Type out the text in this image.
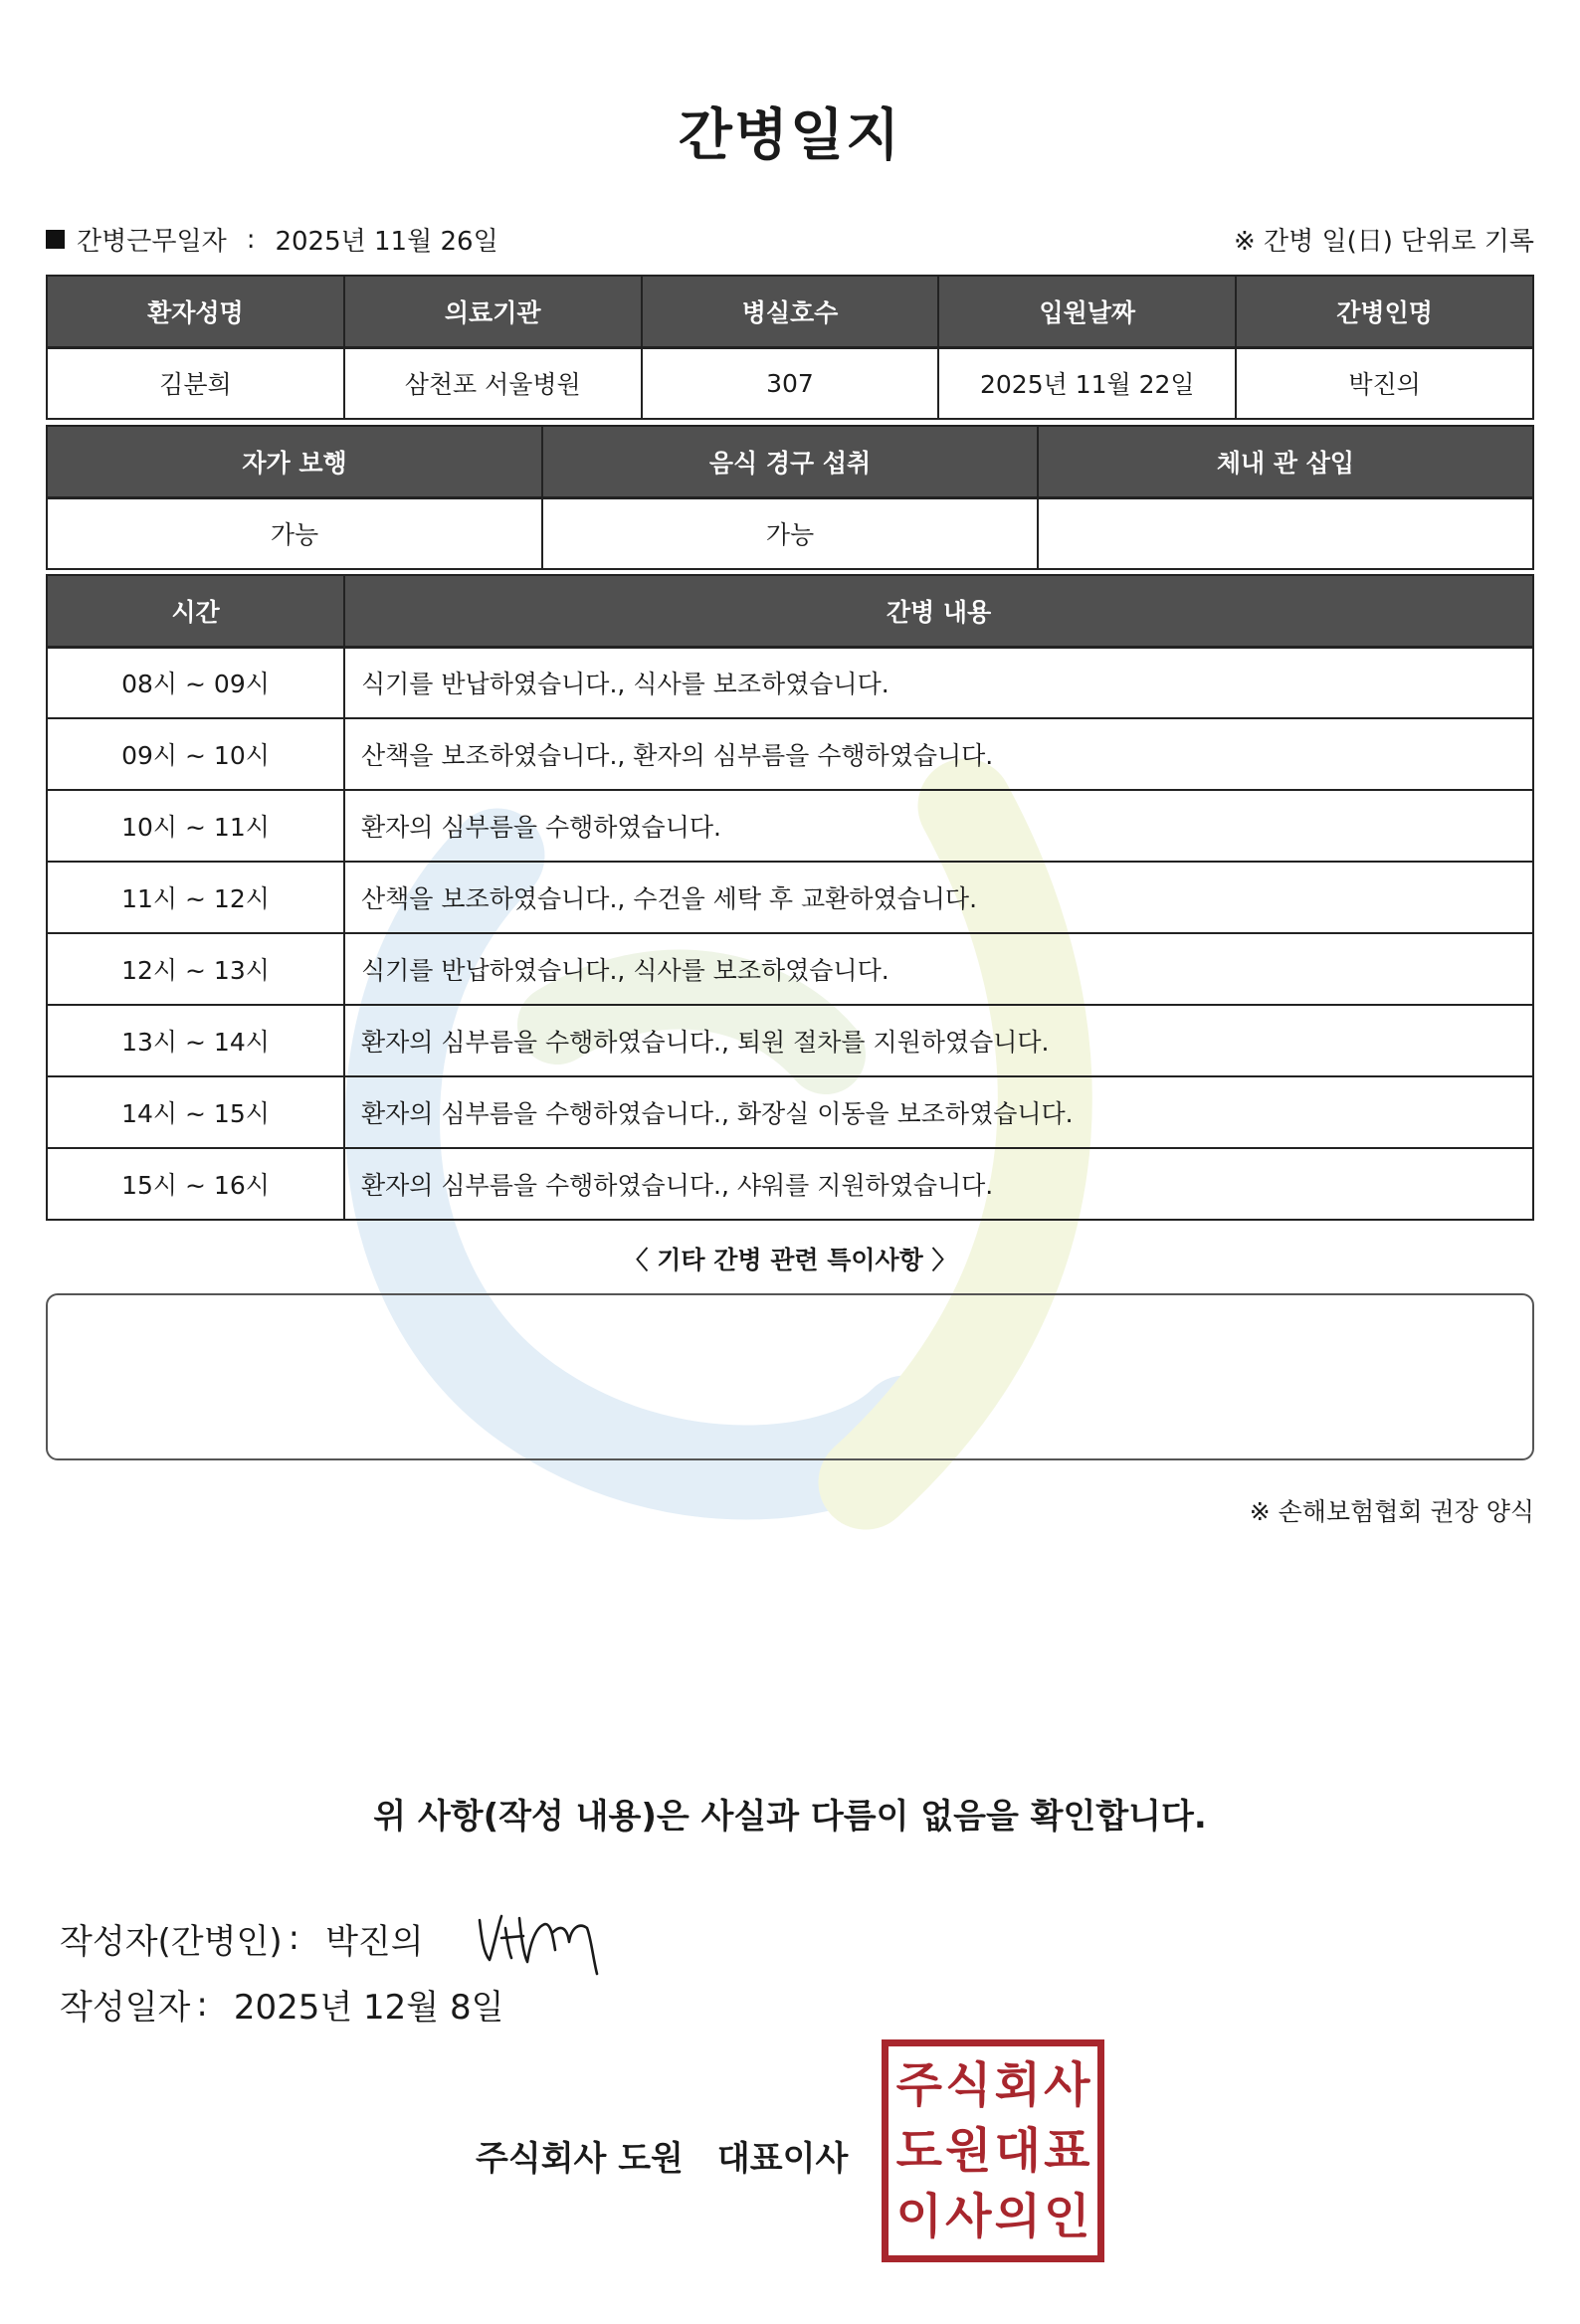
간병일지
간병근무일자 : 2025년 11월 26일	※ 간병 일(日) 단위로 기록
환자성명	의료기관	병실호수	입원날짜	간병인명
김분희	삼천포 서울병원	307	2025년 11월 22일	박진의
자가 보행	음식 경구 섭취	체내 관 삽입
가능	가능	
시간	간병 내용
08시 ~ 09시	식기를 반납하였습니다., 식사를 보조하였습니다.
09시 ~ 10시	산책을 보조하였습니다., 환자의 심부름을 수행하였습니다.
10시 ~ 11시	환자의 심부름을 수행하였습니다.
11시 ~ 12시	산책을 보조하였습니다., 수건을 세탁 후 교환하였습니다.
12시 ~ 13시	식기를 반납하였습니다., 식사를 보조하였습니다.
13시 ~ 14시	환자의 심부름을 수행하였습니다., 퇴원 절차를 지원하였습니다.
14시 ~ 15시	환자의 심부름을 수행하였습니다., 화장실 이동을 보조하였습니다.
15시 ~ 16시	환자의 심부름을 수행하였습니다., 샤워를 지원하였습니다.
〈 기타 간병 관련 특이사항 〉
※ 손해보험협회 권장 양식
위 사항(작성 내용)은 사실과 다름이 없음을 확인합니다.
작성자(간병인) : 박진의
작성일자 : 2025년 12월 8일
주식회사 도원 대표이사
주 식 회 사
도 원 대 표
이 사 의 인
